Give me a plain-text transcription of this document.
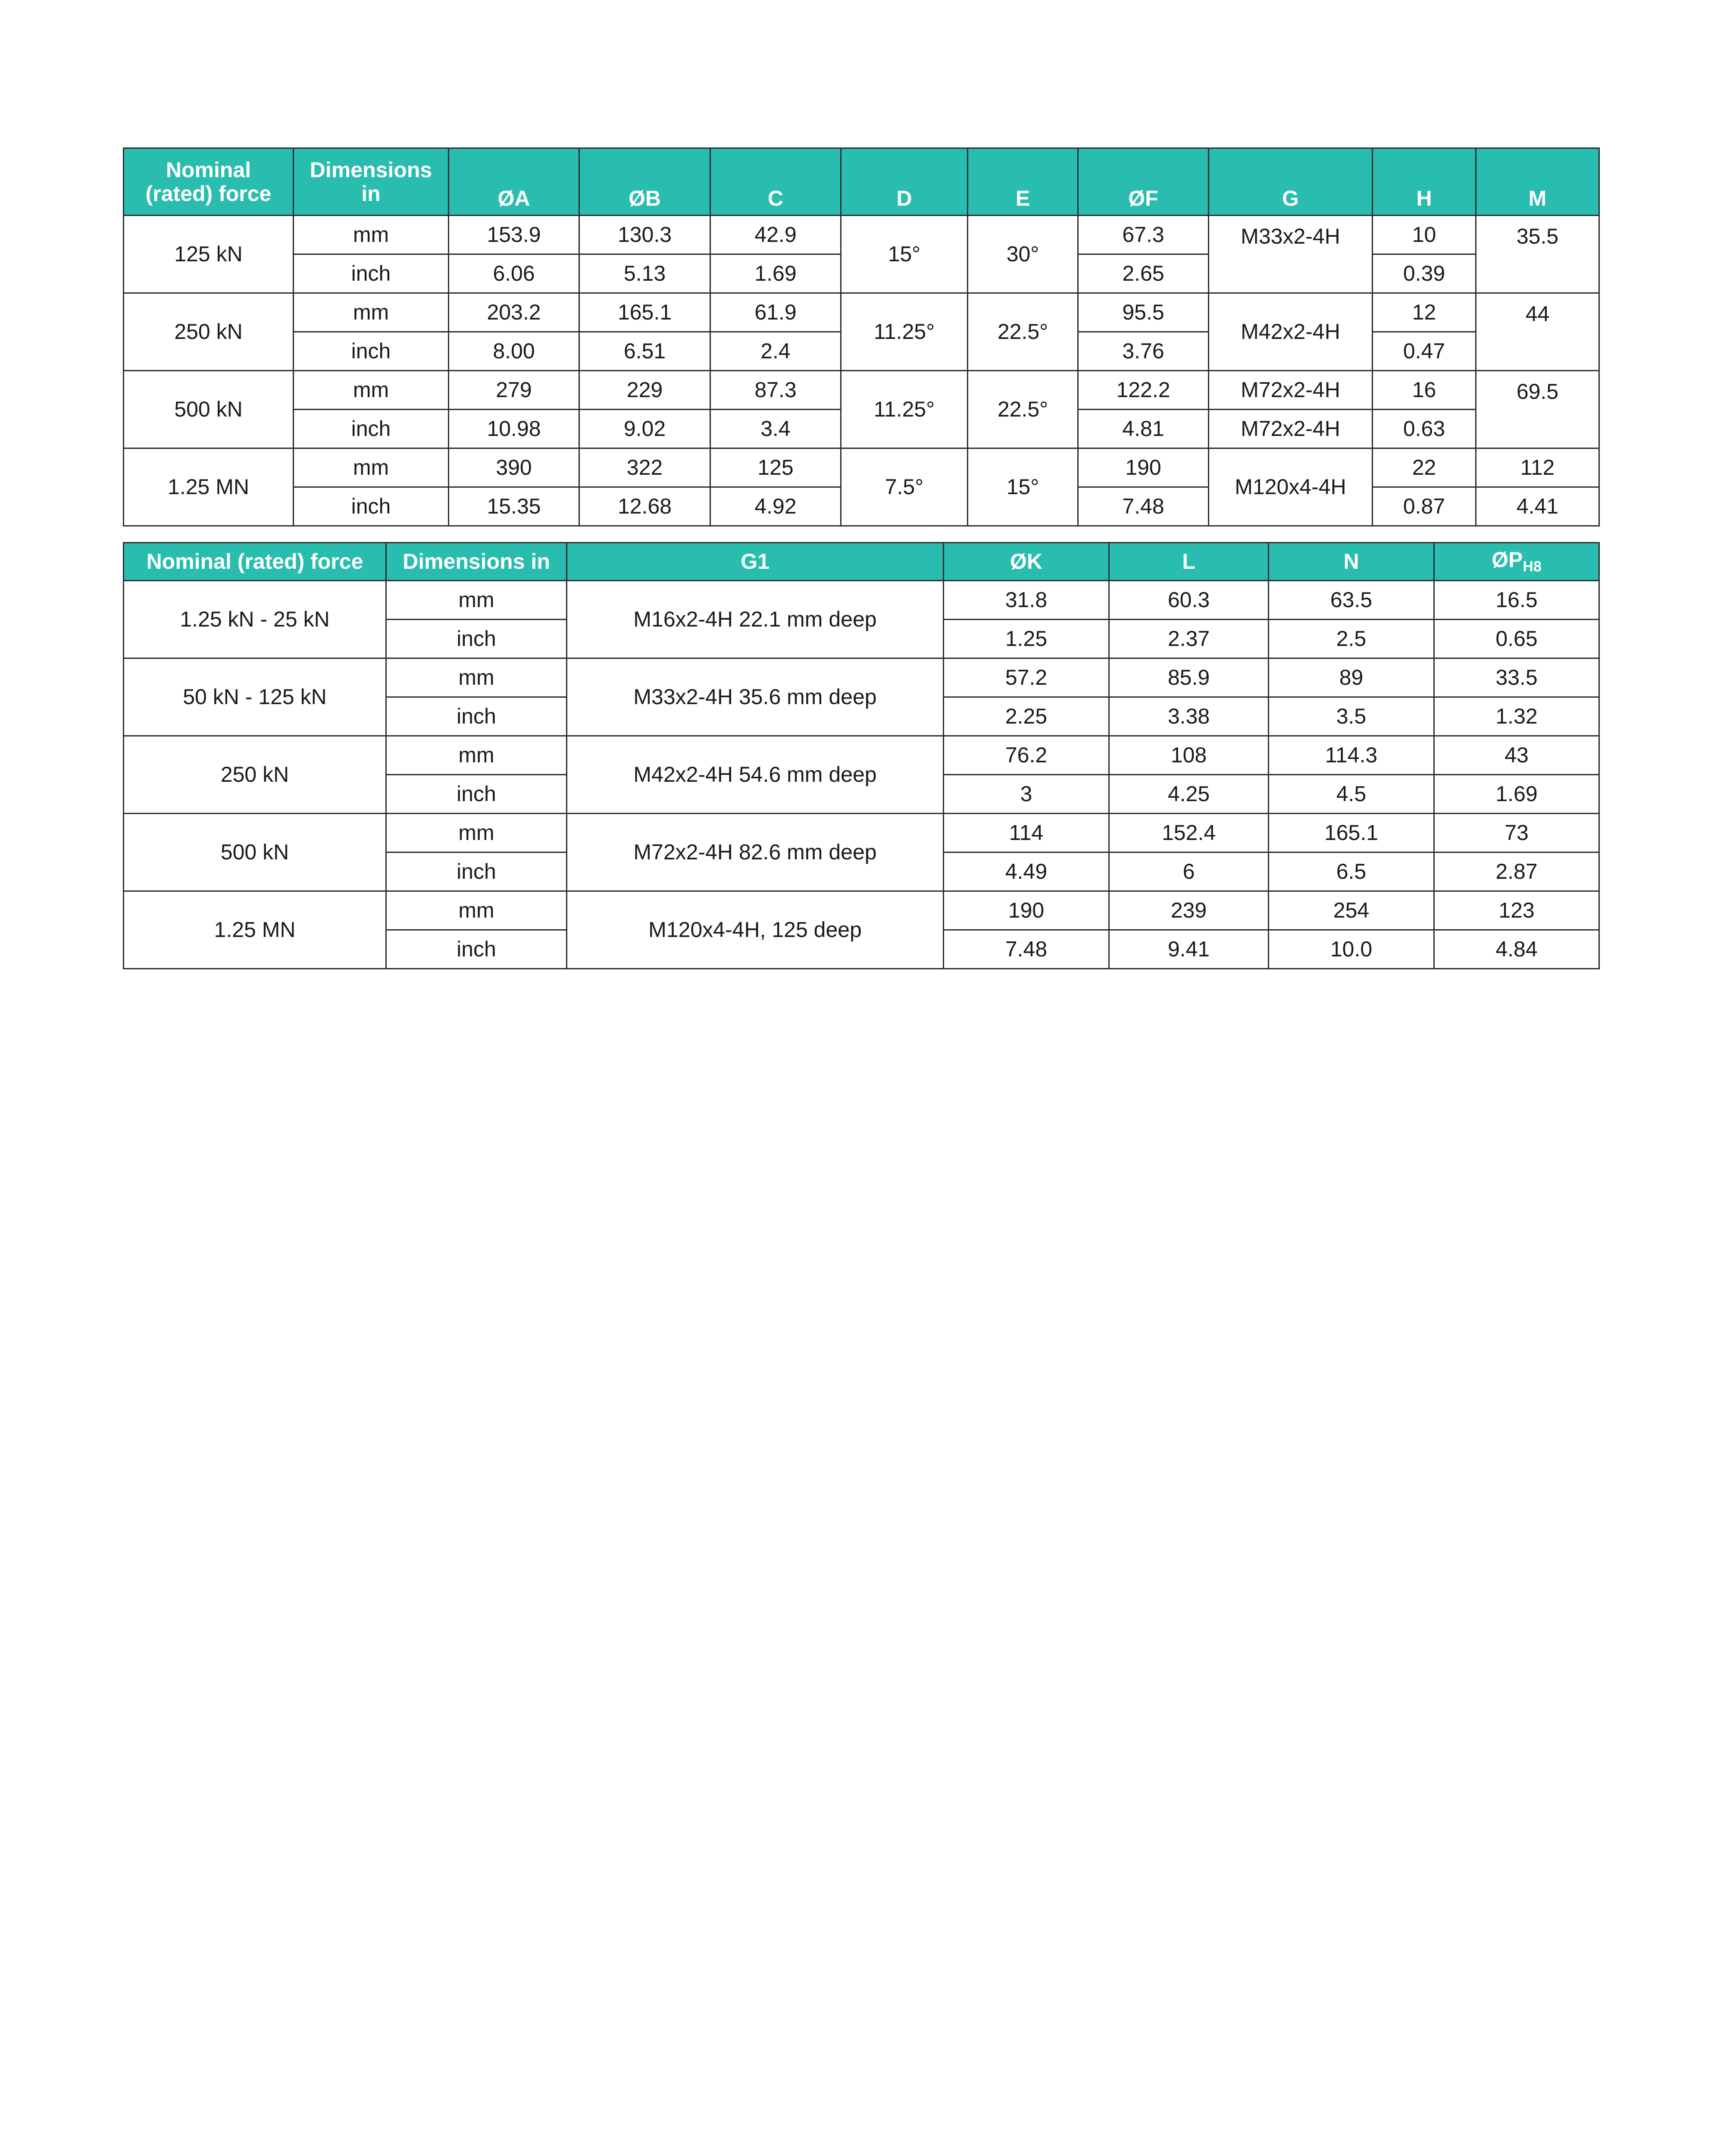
Nominal (rated) force	Dimensions in	ØA	ØB	C	D	E	ØF	G	H	M
125 kN	mm	153.9	130.3	42.9	15°	30°	67.3	M33x2-4H	10	35.5
	inch	6.06	5.13	1.69			2.65		0.39	
250 kN	mm	203.2	165.1	61.9	11.25°	22.5°	95.5	M42x2-4H	12	44
	inch	8.00	6.51	2.4			3.76		0.47	
500 kN	mm	279	229	87.3	11.25°	22.5°	122.2	M72x2-4H	16	69.5
	inch	10.98	9.02	3.4			4.81	M72x2-4H	0.63	
1.25 MN	mm	390	322	125	7.5°	15°	190	M120x4-4H	22	112
	inch	15.35	12.68	4.92			7.48		0.87	4.41
Nominal (rated) force	Dimensions in	G1	ØK	L	N	$ØP_{H8}$
1.25 kN - 25 kN	mm	M16x2-4H 22.1 mm deep	31.8	60.3	63.5	16.5
	inch		1.25	2.37	2.5	0.65
50 kN - 125 kN	mm	M33x2-4H 35.6 mm deep	57.2	85.9	89	33.5
	inch		2.25	3.38	3.5	1.32
250 kN	mm	M42x2-4H 54.6 mm deep	76.2	108	114.3	43
	inch		3	4.25	4.5	1.69
500 kN	mm	M72x2-4H 82.6 mm deep	114	152.4	165.1	73
	inch		4.49	6	6.5	2.87
1.25 MN	mm	M120x4-4H, 125 deep	190	239	254	123
	inch		7.48	9.41	10.0	4.84
